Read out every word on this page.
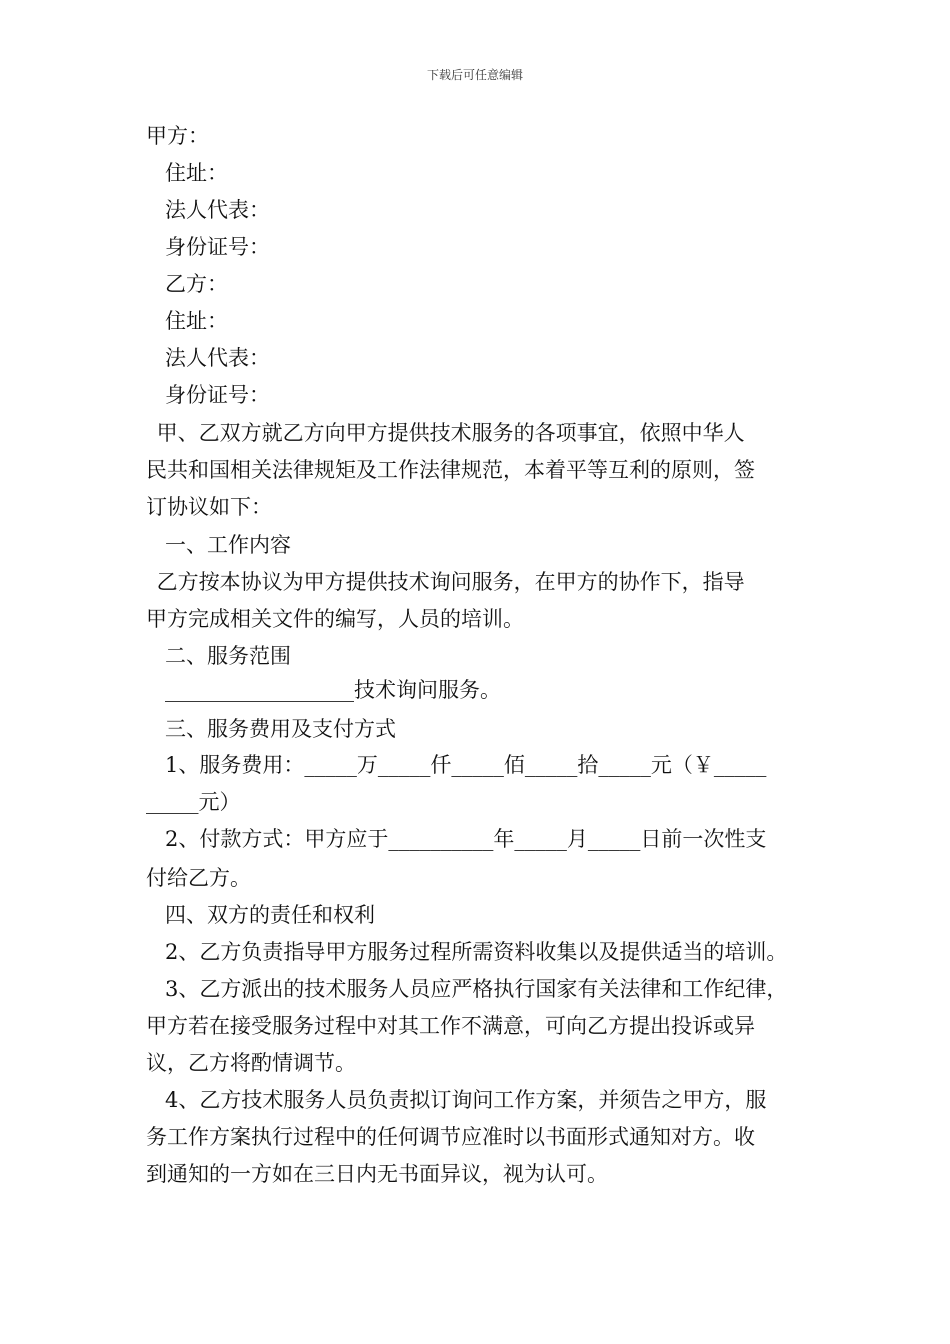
下载后可任意编辑
甲方：
住址：
法人代表：
身份证号：
乙方：
住址：
法人代表：
身份证号：
甲、乙双方就乙方向甲方提供技术服务的各项事宜，依照中华人
民共和国相关法律规矩及工作法律规范，本着平等互利的原则，签
订协议如下：
一、工作内容
乙方按本协议为甲方提供技术询问服务，在甲方的协作下，指导
甲方完成相关文件的编写，人员的培训。
二、服务范围
__________________技术询问服务。
三、服务费用及支付方式
1、服务费用：_____万_____仟_____佰_____拾_____元（￥_____
_____元）
2、付款方式：甲方应于__________年_____月_____日前一次性支
付给乙方。
四、双方的责任和权利
2、乙方负责指导甲方服务过程所需资料收集以及提供适当的培训。
3、乙方派出的技术服务人员应严格执行国家有关法律和工作纪律，
甲方若在接受服务过程中对其工作不满意，可向乙方提出投诉或异
议，乙方将酌情调节。
4、乙方技术服务人员负责拟订询问工作方案，并须告之甲方，服
务工作方案执行过程中的任何调节应准时以书面形式通知对方。收
到通知的一方如在三日内无书面异议，视为认可。
